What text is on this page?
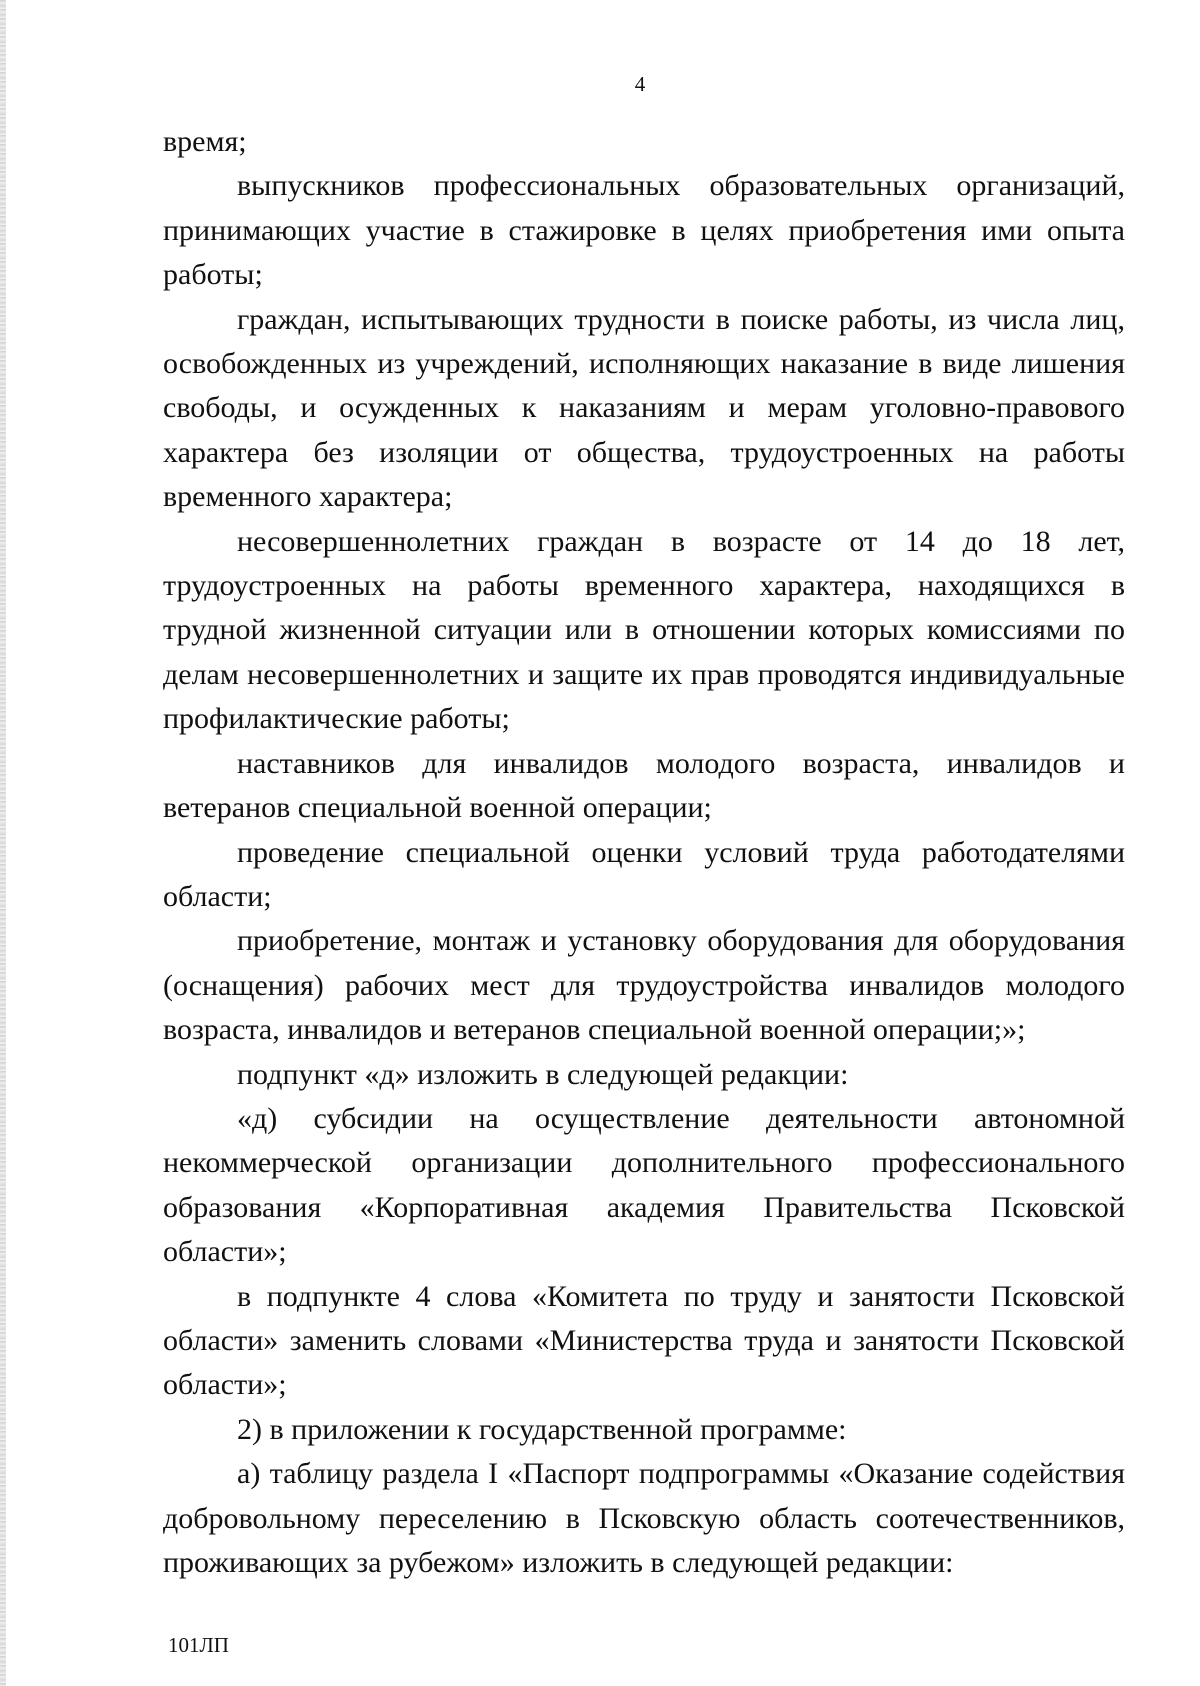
4

время;

выпускников профессиональных образовательных организаций, принимающих участие в стажировке в целях приобретения ими опыта работы;

граждан, испытывающих трудности в поиске работы, из числа лиц, освобожденных из учреждений, исполняющих наказание в виде лишения свободы, и осужденных к наказаниям и мерам уголовно-правового характера без изоляции от общества, трудоустроенных на работы временного характера;

несовершеннолетних граждан в возрасте от 14 до 18 лет, трудоустроенных на работы временного характера, находящихся в трудной жизненной ситуации или в отношении которых комиссиями по делам несовершеннолетних и защите их прав проводятся индивидуальные профилактические работы;

наставников для инвалидов молодого возраста, инвалидов и ветеранов специальной военной операции;

проведение специальной оценки условий труда работодателями области;

приобретение, монтаж и установку оборудования для оборудования (оснащения) рабочих мест для трудоустройства инвалидов молодого возраста, инвалидов и ветеранов специальной военной операции;»;

подпункт «д» изложить в следующей редакции:

«д) субсидии на осуществление деятельности автономной некоммерческой организации дополнительного профессионального образования «Корпоративная академия Правительства Псковской области»;

в подпункте 4 слова «Комитета по труду и занятости Псковской области» заменить словами «Министерства труда и занятости Псковской области»;

2) в приложении к государственной программе:

а) таблицу раздела I «Паспорт подпрограммы «Оказание содействия добровольному переселению в Псковскую область соотечественников, проживающих за рубежом» изложить в следующей редакции:

101ЛП
